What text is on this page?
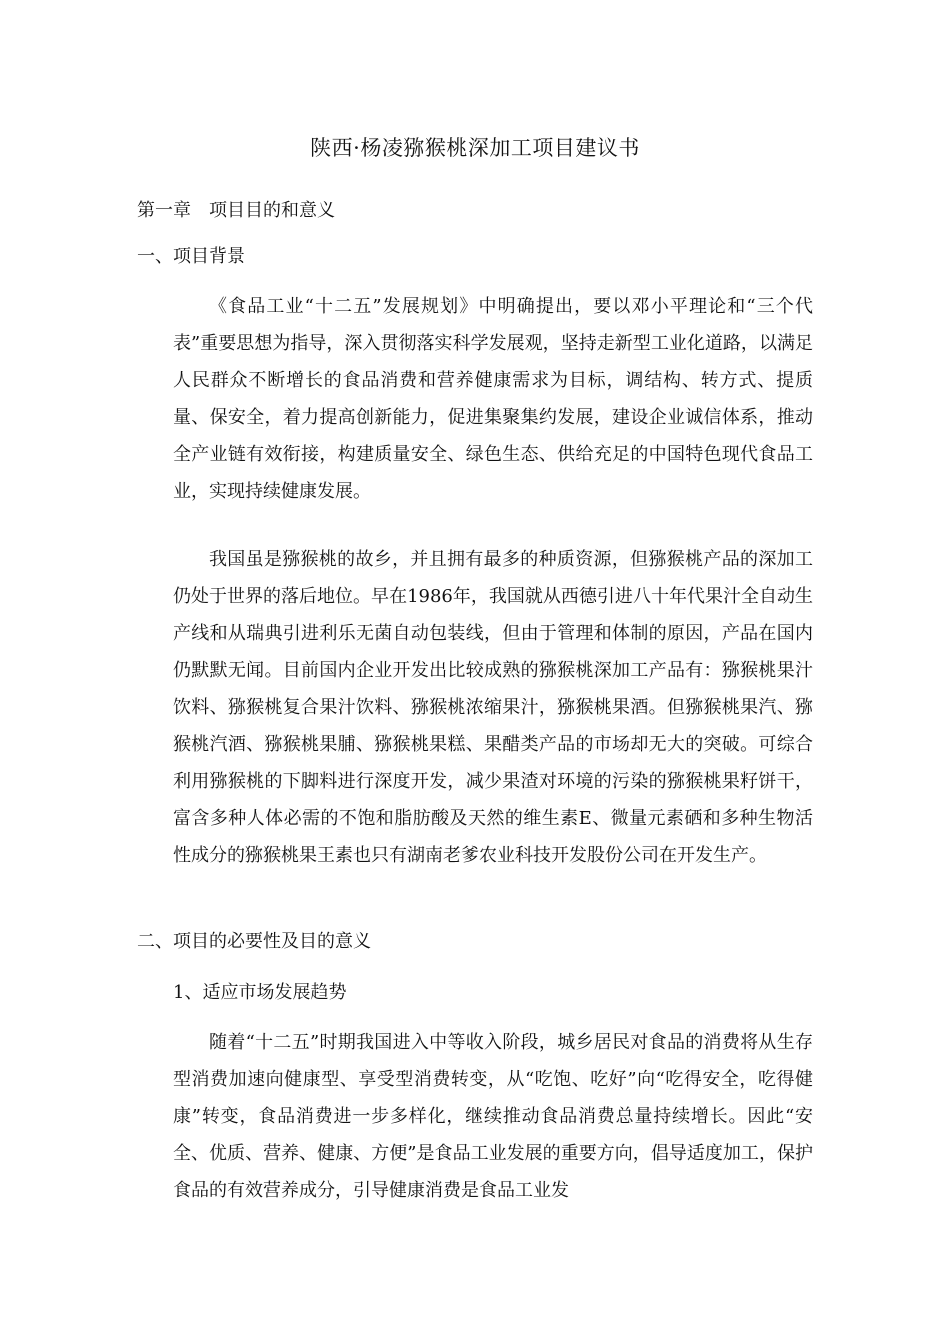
陕西·杨凌猕猴桃深加工项目建议书
第一章　项目目的和意义
一、项目背景
《食品工业“十二五”发展规划》中明确提出，要以邓小平理论和“三个代表”重要思想为指导，深入贯彻落实科学发展观，坚持走新型工业化道路，以满足人民群众不断增长的食品消费和营养健康需求为目标，调结构、转方式、提质量、保安全，着力提高创新能力，促进集聚集约发展，建设企业诚信体系，推动全产业链有效衔接，构建质量安全、绿色生态、供给充足的中国特色现代食品工业，实现持续健康发展。
我国虽是猕猴桃的故乡，并且拥有最多的种质资源，但猕猴桃产品的深加工仍处于世界的落后地位。早在1986年，我国就从西德引进八十年代果汁全自动生产线和从瑞典引进利乐无菌自动包装线，但由于管理和体制的原因，产品在国内仍默默无闻。目前国内企业开发出比较成熟的猕猴桃深加工产品有：猕猴桃果汁饮料、猕猴桃复合果汁饮料、猕猴桃浓缩果汁，猕猴桃果酒。但猕猴桃果汽、猕猴桃汽酒、猕猴桃果脯、猕猴桃果糕、果醋类产品的市场却无大的突破。可综合利用猕猴桃的下脚料进行深度开发，减少果渣对环境的污染的猕猴桃果籽饼干，富含多种人体必需的不饱和脂肪酸及天然的维生素E、微量元素硒和多种生物活性成分的猕猴桃果王素也只有湖南老爹农业科技开发股份公司在开发生产。
二、项目的必要性及目的意义
1、适应市场发展趋势
随着“十二五”时期我国进入中等收入阶段，城乡居民对食品的消费将从生存型消费加速向健康型、享受型消费转变，从“吃饱、吃好”向“吃得安全，吃得健康”转变，食品消费进一步多样化，继续推动食品消费总量持续增长。因此“安全、优质、营养、健康、方便”是食品工业发展的重要方向，倡导适度加工，保护食品的有效营养成分，引导健康消费是食品工业发
